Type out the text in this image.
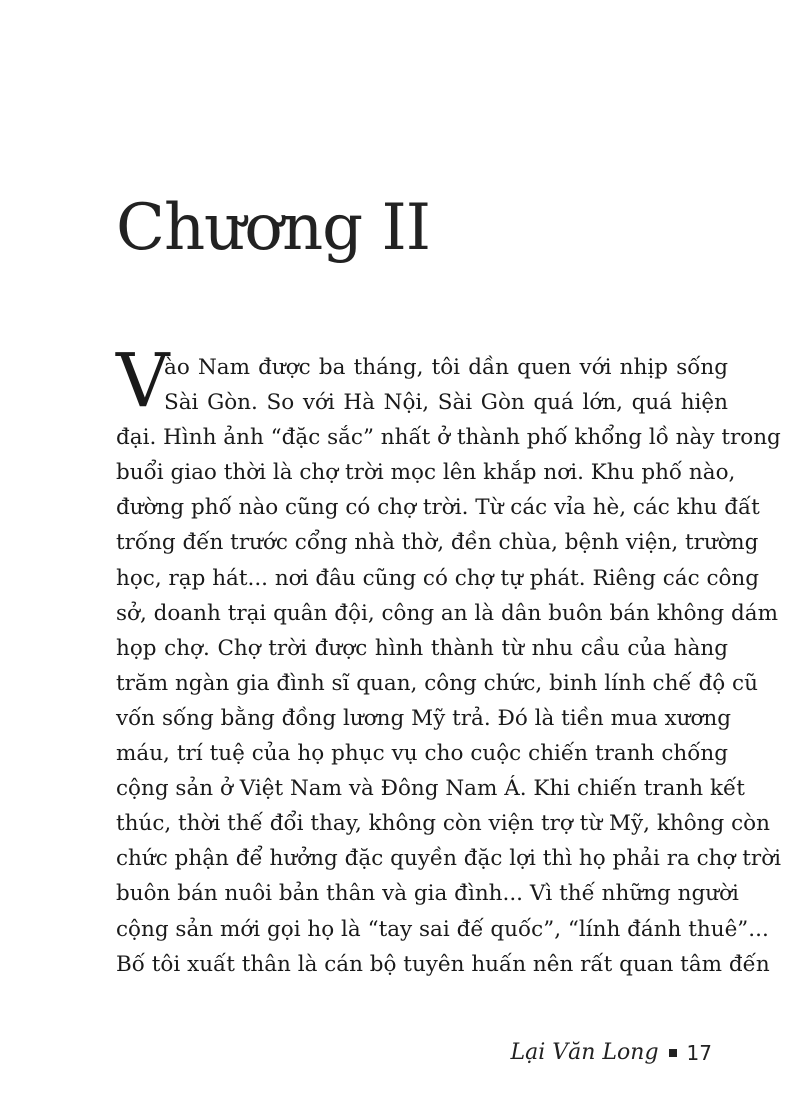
Chương II
V
ào Nam được ba tháng, tôi dần quen với nhịp sống
Sài Gòn. So với Hà Nội, Sài Gòn quá lớn, quá hiện
đại. Hình ảnh “đặc sắc” nhất ở thành phố khổng lồ này trong
buổi giao thời là chợ trời mọc lên khắp nơi. Khu phố nào,
đường phố nào cũng có chợ trời. Từ các vỉa hè, các khu đất
trống đến trước cổng nhà thờ, đền chùa, bệnh viện, trường
học, rạp hát... nơi đâu cũng có chợ tự phát. Riêng các công
sở, doanh trại quân đội, công an là dân buôn bán không dám
họp chợ. Chợ trời được hình thành từ nhu cầu của hàng
trăm ngàn gia đình sĩ quan, công chức, binh lính chế độ cũ
vốn sống bằng đồng lương Mỹ trả. Đó là tiền mua xương
máu, trí tuệ của họ phục vụ cho cuộc chiến tranh chống
cộng sản ở Việt Nam và Đông Nam Á. Khi chiến tranh kết
thúc, thời thế đổi thay, không còn viện trợ từ Mỹ, không còn
chức phận để hưởng đặc quyền đặc lợi thì họ phải ra chợ trời
buôn bán nuôi bản thân và gia đình... Vì thế những người
cộng sản mới gọi họ là “tay sai đế quốc”, “lính đánh thuê”...
Bố tôi xuất thân là cán bộ tuyên huấn nên rất quan tâm đến
Lại Văn Long 17
